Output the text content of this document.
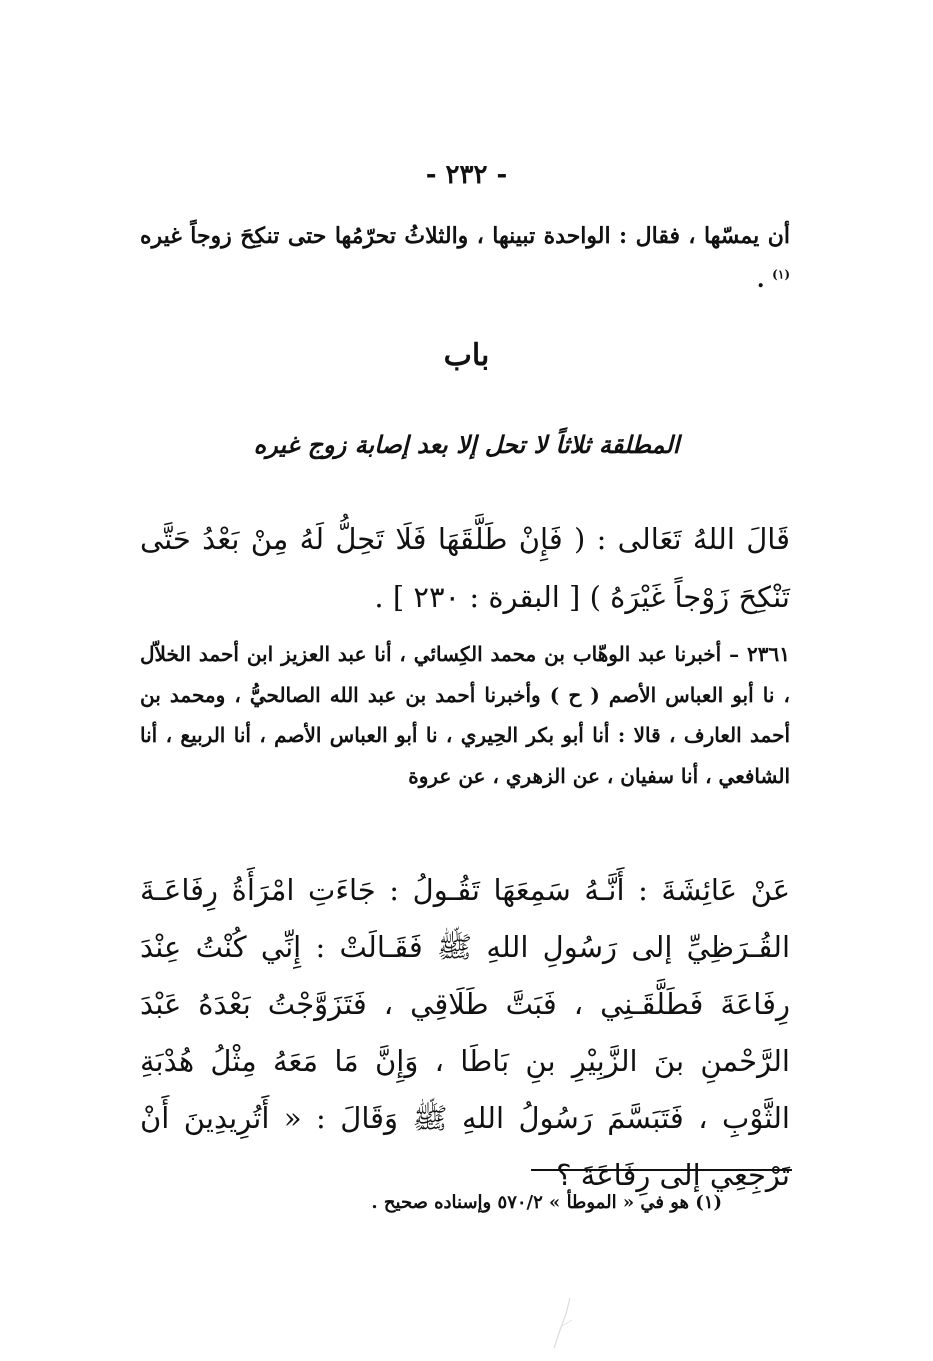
- ٢٣٢ -
أن يمسّها ، فقال : الواحدة تبينها ، والثلاثُ تحرّمُها حتى تنكِحَ زوجاً غيره $^{(١)}$ .
باب
المطلقة ثلاثاً لا تحل إلا بعد إصابة زوج غيره
قَالَ اللهُ تَعَالى : ( فَإِنْ طَلَّقَهَا فَلَا تَحِلُّ لَهُ مِنْ بَعْدُ حَتَّى تَنْكِحَ زَوْجاً غَيْرَهُ ) [ البقرة : ٢٣٠ ] .
٢٣٦١ – أخبرنا عبد الوهّاب بن محمد الكِسائي ، أنا عبد العزيز ابن أحمد الخلاّل ، نا أبو العباس الأصم ( ح ) وأخبرنا أحمد بن عبد الله الصالحيُّ ، ومحمد بن أحمد العارف ، قالا : أنا أبو بكر الحِيري ، نا أبو العباس الأصم ، أنا الربيع ، أنا الشافعي ، أنا سفيان ، عن الزهري ، عن عروة
عَنْ عَائِشَةَ : أَنَّـهُ سَمِعَهَا تَقُـولُ : جَاءَتِ امْرَأَةُ رِفَاعَـةَ القُـرَظِيِّ إلى رَسُولِ اللهِ ﷺ فَقَـالَتْ : إِنِّي كُنْتُ عِنْدَ رِفَاعَةَ فَطَلَّقَـنِي ، فَبَتَّ طَلَاقِي ، فَتَزَوَّجْتُ بَعْدَهُ عَبْدَ الرَّحْمنِ بنَ الزَّبِيْرِ بنِ بَاطَا ، وَإِنَّ مَا مَعَهُ مِثْلُ هُدْبَةِ الثَّوْبِ ، فَتَبَسَّمَ رَسُولُ اللهِ ﷺ وَقَالَ : « أَتُرِيدِينَ أَنْ تَرْجِعِي إلى رِفَاعَةَ ؟
(١) هو في « الموطأ » ٥٧٠/٢ وإسناده صحيح .
